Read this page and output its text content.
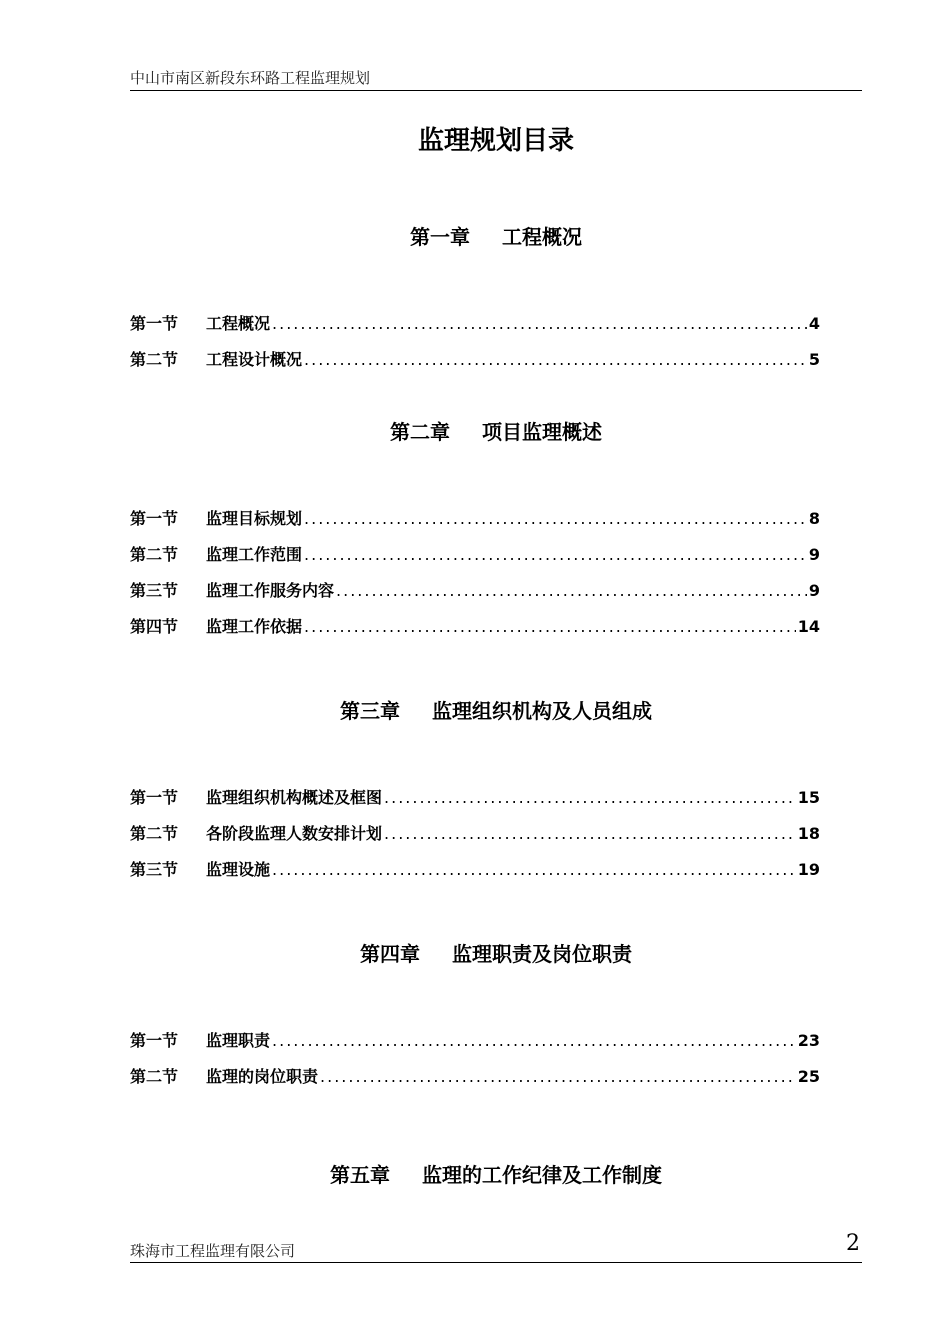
中山市南区新段东环路工程监理规划
监理规划目录
第一章 工程概况
第一节	工程概况 .....	4
第二节	工程设计概况 .....	5
第二章 项目监理概述
第一节	监理目标规划 .....	8
第二节	监理工作范围 .....	9
第三节	监理工作服务内容 .....	9
第四节	监理工作依据 .....	14
第三章 监理组织机构及人员组成
第一节	监理组织机构概述及框图 .....	15
第二节	各阶段监理人数安排计划 .....	18
第三节	监理设施 .....	19
第四章 监理职责及岗位职责
第一节	监理职责 .....	23
第二节	监理的岗位职责 .....	25
第五章 监理的工作纪律及工作制度
珠海市工程监理有限公司	2
